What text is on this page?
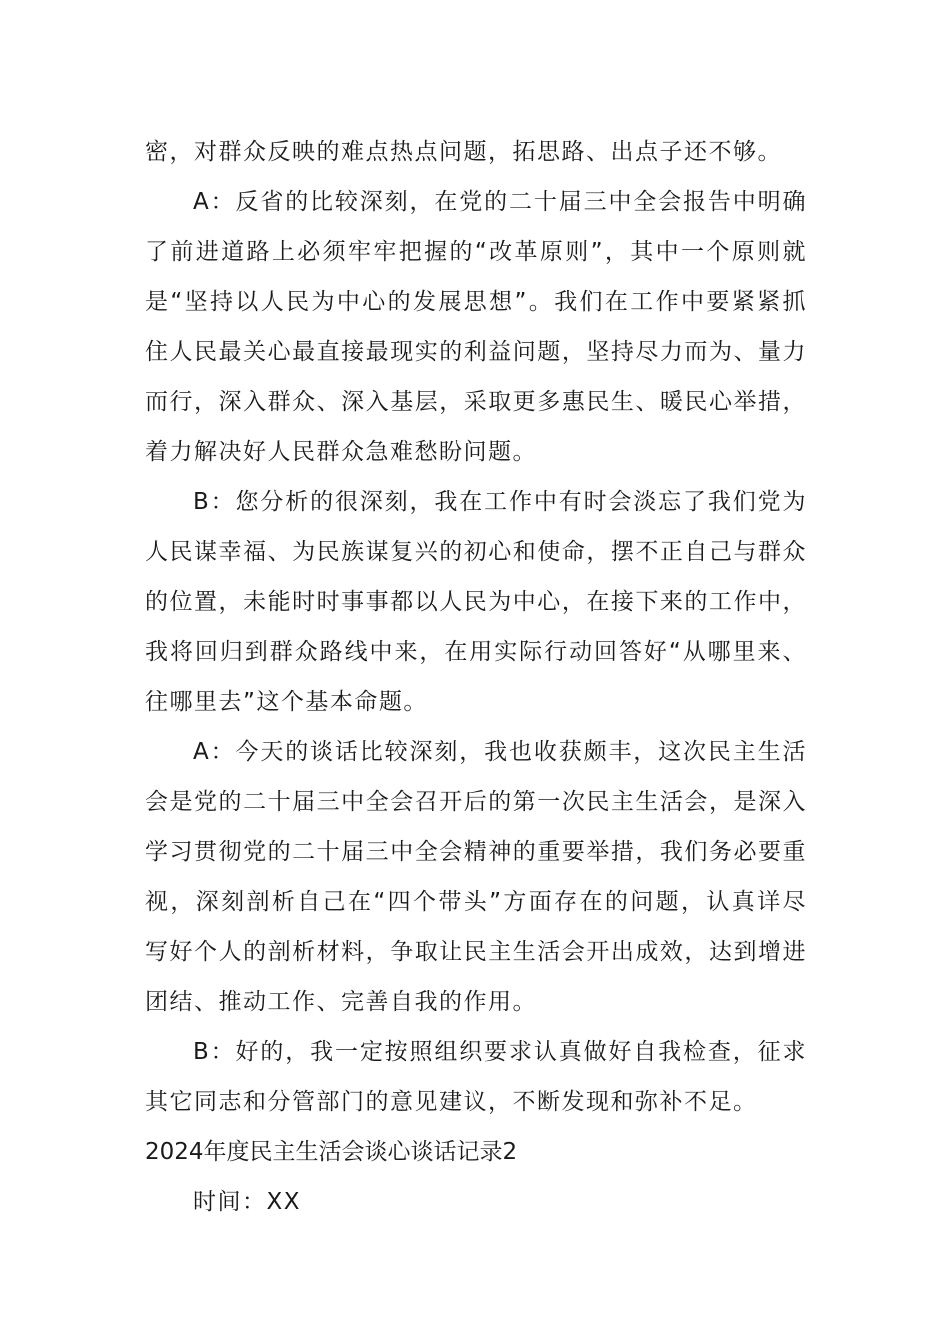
密，对群众反映的难点热点问题，拓思路、出点子还不够。

A：反省的比较深刻，在党的二十届三中全会报告中明确了前进道路上必须牢牢把握的“改革原则”，其中一个原则就是“坚持以人民为中心的发展思想”。我们在工作中要紧紧抓住人民最关心最直接最现实的利益问题，坚持尽力而为、量力而行，深入群众、深入基层，采取更多惠民生、暖民心举措，着力解决好人民群众急难愁盼问题。

B：您分析的很深刻，我在工作中有时会淡忘了我们党为人民谋幸福、为民族谋复兴的初心和使命，摆不正自己与群众的位置，未能时时事事都以人民为中心，在接下来的工作中，我将回归到群众路线中来，在用实际行动回答好“从哪里来、往哪里去”这个基本命题。

A：今天的谈话比较深刻，我也收获颇丰，这次民主生活会是党的二十届三中全会召开后的第一次民主生活会，是深入学习贯彻党的二十届三中全会精神的重要举措，我们务必要重视，深刻剖析自己在“四个带头”方面存在的问题，认真详尽写好个人的剖析材料，争取让民主生活会开出成效，达到增进团结、推动工作、完善自我的作用。

B：好的，我一定按照组织要求认真做好自我检查，征求其它同志和分管部门的意见建议，不断发现和弥补不足。

2024年度民主生活会谈心谈话记录2

时间：XX
